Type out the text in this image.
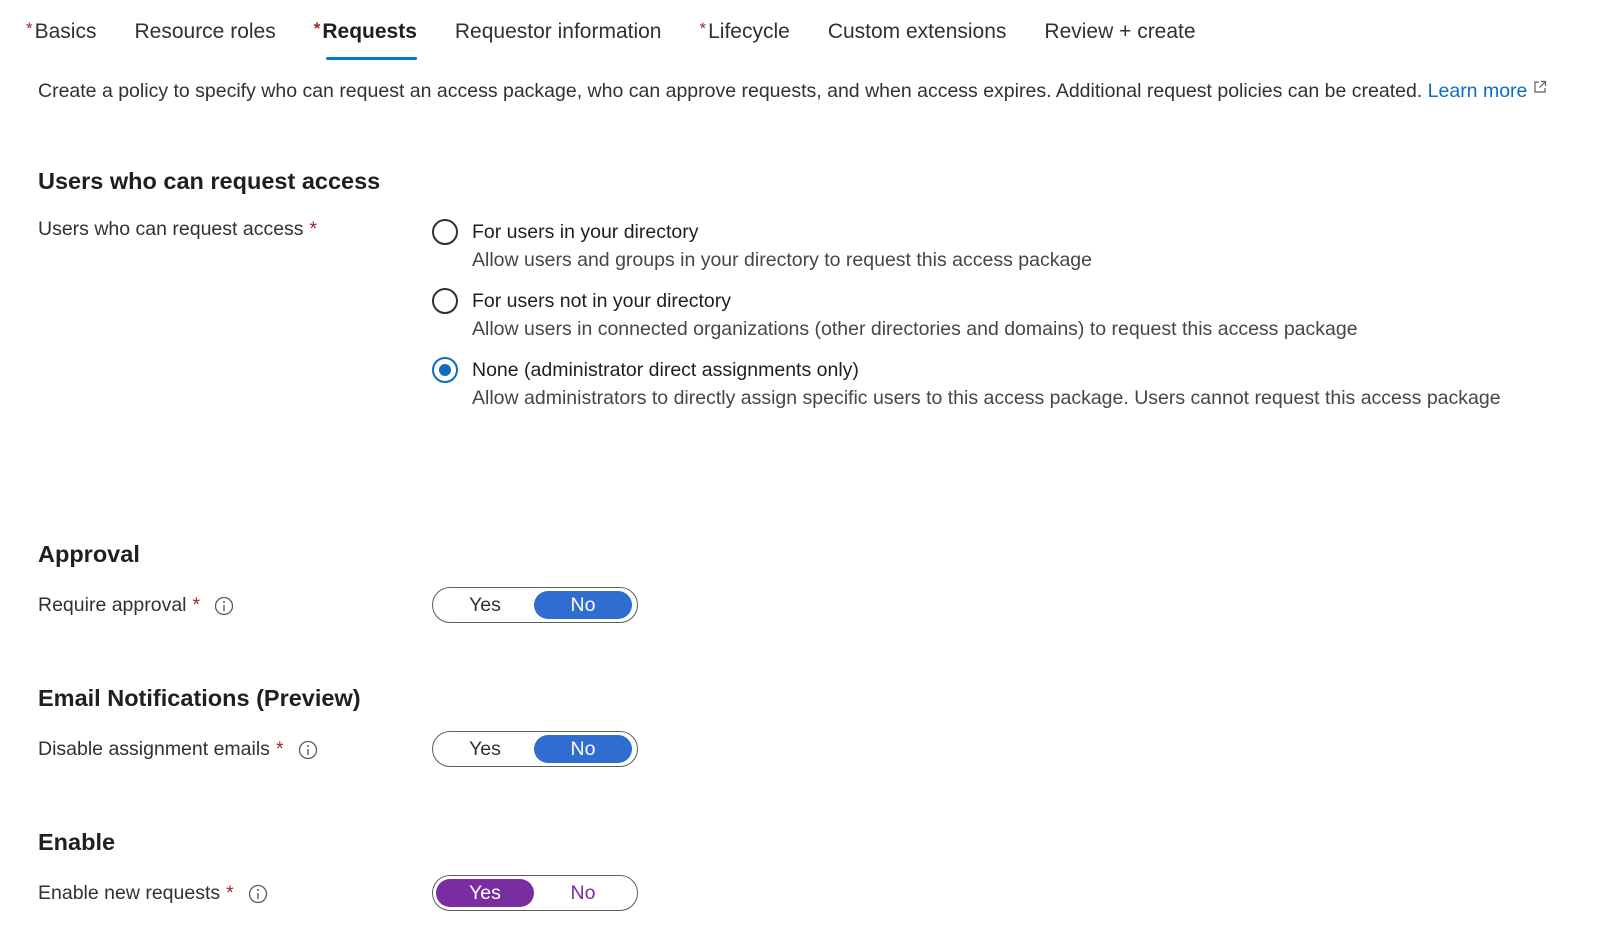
*Basics Resource roles *Requests Requestor information *Lifecycle Custom extensions Review + create
Create a policy to specify who can request an access package, who can approve requests, and when access expires. Additional request policies can be created. Learn more
Users who can request access
Users who can request access *	For users in your directory
Allow users and groups in your directory to request this access package
For users not in your directory
Allow users in connected organizations (other directories and domains) to request this access package
None (administrator direct assignments only)
Allow administrators to directly assign specific users to this access package. Users cannot request this access package
Approval
Require approval *	Yes	No
Email Notifications (Preview)
Disable assignment emails *	Yes	No
Enable
Enable new requests *	Yes	No
